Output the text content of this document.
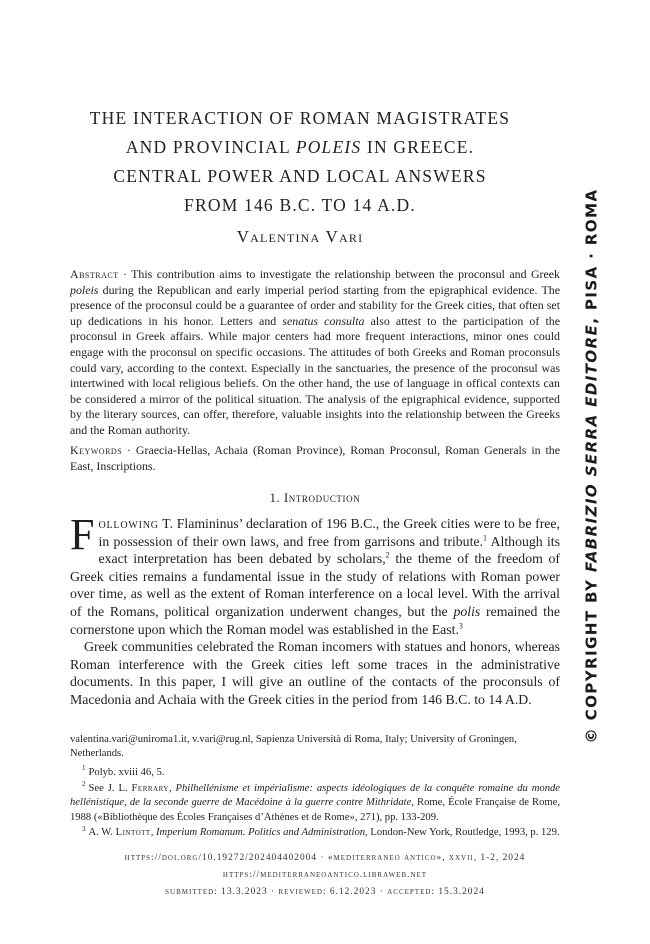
THE INTERACTION OF ROMAN MAGISTRATES
AND PROVINCIAL POLEIS IN GREECE.
CENTRAL POWER AND LOCAL ANSWERS
FROM 146 B.C. TO 14 A.D.
Valentina Vari
Abstract · This contribution aims to investigate the relationship between the proconsul and Greek poleis during the Republican and early imperial period starting from the epigraphical evidence. The presence of the proconsul could be a guarantee of order and stability for the Greek cities, that often set up dedications in his honor. Letters and senatus consulta also attest to the participation of the proconsul in Greek affairs. While major centers had more frequent interactions, minor ones could engage with the proconsul on specific occasions. The attitudes of both Greeks and Roman proconsuls could vary, according to the context. Especially in the sanctuaries, the presence of the proconsul was intertwined with local religious beliefs. On the other hand, the use of language in offical contexts can be considered a mirror of the political situation. The analysis of the epigraphical evidence, supported by the literary sources, can offer, therefore, valuable insights into the relationship between the Greeks and the Roman authority.
Keywords · Graecia-Hellas, Achaia (Roman Province), Roman Proconsul, Roman Generals in the East, Inscriptions.
1. Introduction

Following T. Flamininus’ declaration of 196 B.C., the Greek cities were to be free, in possession of their own laws, and free from garrisons and tribute.$^1$ Although its exact interpretation has been debated by scholars,$^2$ the theme of the freedom of Greek cities remains a fundamental issue in the study of relations with Roman power over time, as well as the extent of Roman interference on a local level. With the arrival of the Romans, political organization underwent changes, but the polis remained the cornerstone upon which the Roman model was established in the East.$^3$

Greek communities celebrated the Roman incomers with statues and honors, whereas Roman interference with the Greek cities left some traces in the administrative documents. In this paper, I will give an outline of the contacts of the proconsuls of Macedonia and Achaia with the Greek cities in the period from 146 B.C. to 14 A.D.

valentina.vari@uniroma1.it, v.vari@rug.nl, Sapienza Università di Roma, Italy; University of Groningen, Netherlands.

$^1$ Polyb. xviii 46, 5.

$^2$ See J. L. Ferrary, Philhellénisme et impérialisme: aspects idéologiques de la conquête romaine du monde hellénistique, de la seconde guerre de Macédoine à la guerre contre Mithridate, Rome, École Française de Rome, 1988 («Bibliothèque des Écoles Françaises d’Athènes et de Rome», 271), pp. 133-209.

$^3$ A. W. Lintott, Imperium Romanum. Politics and Administration, London-New York, Routledge, 1993, p. 129.

https://doi.org/10.19272/202404402004 · «mediterraneo antico», xxvii, 1-2, 2024
https://mediterraneoantico.libraweb.net
submitted: 13.3.2023 · reviewed: 6.12.2023 · accepted: 15.3.2024
© COPYRIGHT BY FABRIZIO SERRA EDITORE, PISA · ROMA
